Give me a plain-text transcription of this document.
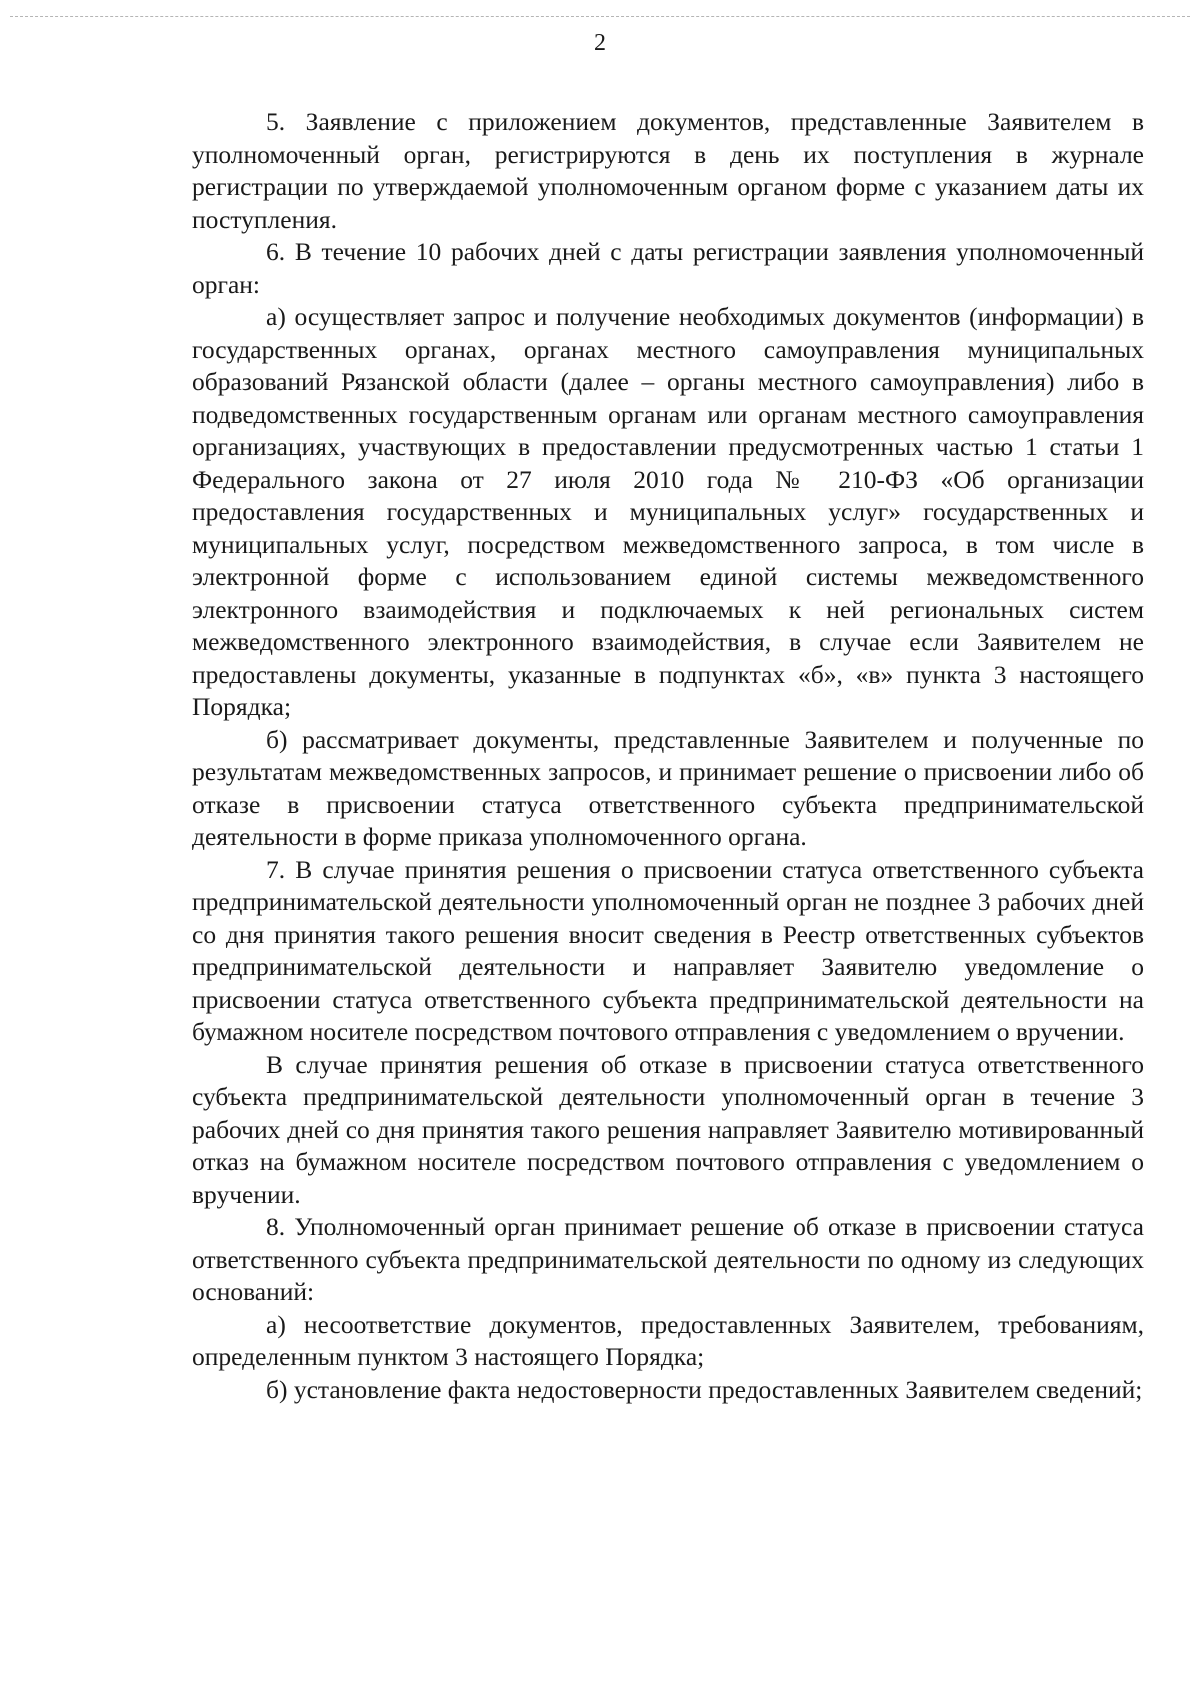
2

5. Заявление с приложением документов, представленные Заявителем в уполномоченный орган, регистрируются в день их поступления в журнале регистрации по утверждаемой уполномоченным органом форме с указанием даты их поступления.

6. В течение 10 рабочих дней с даты регистрации заявления уполномоченный орган:

а) осуществляет запрос и получение необходимых документов (информации) в государственных органах, органах местного самоуправления муниципальных образований Рязанской области (далее – органы местного самоуправления) либо в подведомственных государственным органам или органам местного самоуправления организациях, участвующих в предоставлении предусмотренных частью 1 статьи 1 Федерального закона от 27 июля 2010 года № 210-ФЗ «Об организации предоставления государственных и муниципальных услуг» государственных и муниципальных услуг, посредством межведомственного запроса, в том числе в электронной форме с использованием единой системы межведомственного электронного взаимодействия и подключаемых к ней региональных систем межведомственного электронного взаимодействия, в случае если Заявителем не предоставлены документы, указанные в подпунктах «б», «в» пункта 3 настоящего Порядка;

б) рассматривает документы, представленные Заявителем и полученные по результатам межведомственных запросов, и принимает решение о присвоении либо об отказе в присвоении статуса ответственного субъекта предпринимательской деятельности в форме приказа уполномоченного органа.

7. В случае принятия решения о присвоении статуса ответственного субъекта предпринимательской деятельности уполномоченный орган не позднее 3 рабочих дней со дня принятия такого решения вносит сведения в Реестр ответственных субъектов предпринимательской деятельности и направляет Заявителю уведомление о присвоении статуса ответственного субъекта предпринимательской деятельности на бумажном носителе посредством почтового отправления с уведомлением о вручении.

В случае принятия решения об отказе в присвоении статуса ответственного субъекта предпринимательской деятельности уполномоченный орган в течение 3 рабочих дней со дня принятия такого решения направляет Заявителю мотивированный отказ на бумажном носителе посредством почтового отправления с уведомлением о вручении.

8. Уполномоченный орган принимает решение об отказе в присвоении статуса ответственного субъекта предпринимательской деятельности по одному из следующих оснований:

а) несоответствие документов, предоставленных Заявителем, требованиям, определенным пунктом 3 настоящего Порядка;

б) установление факта недостоверности предоставленных Заявителем сведений;
